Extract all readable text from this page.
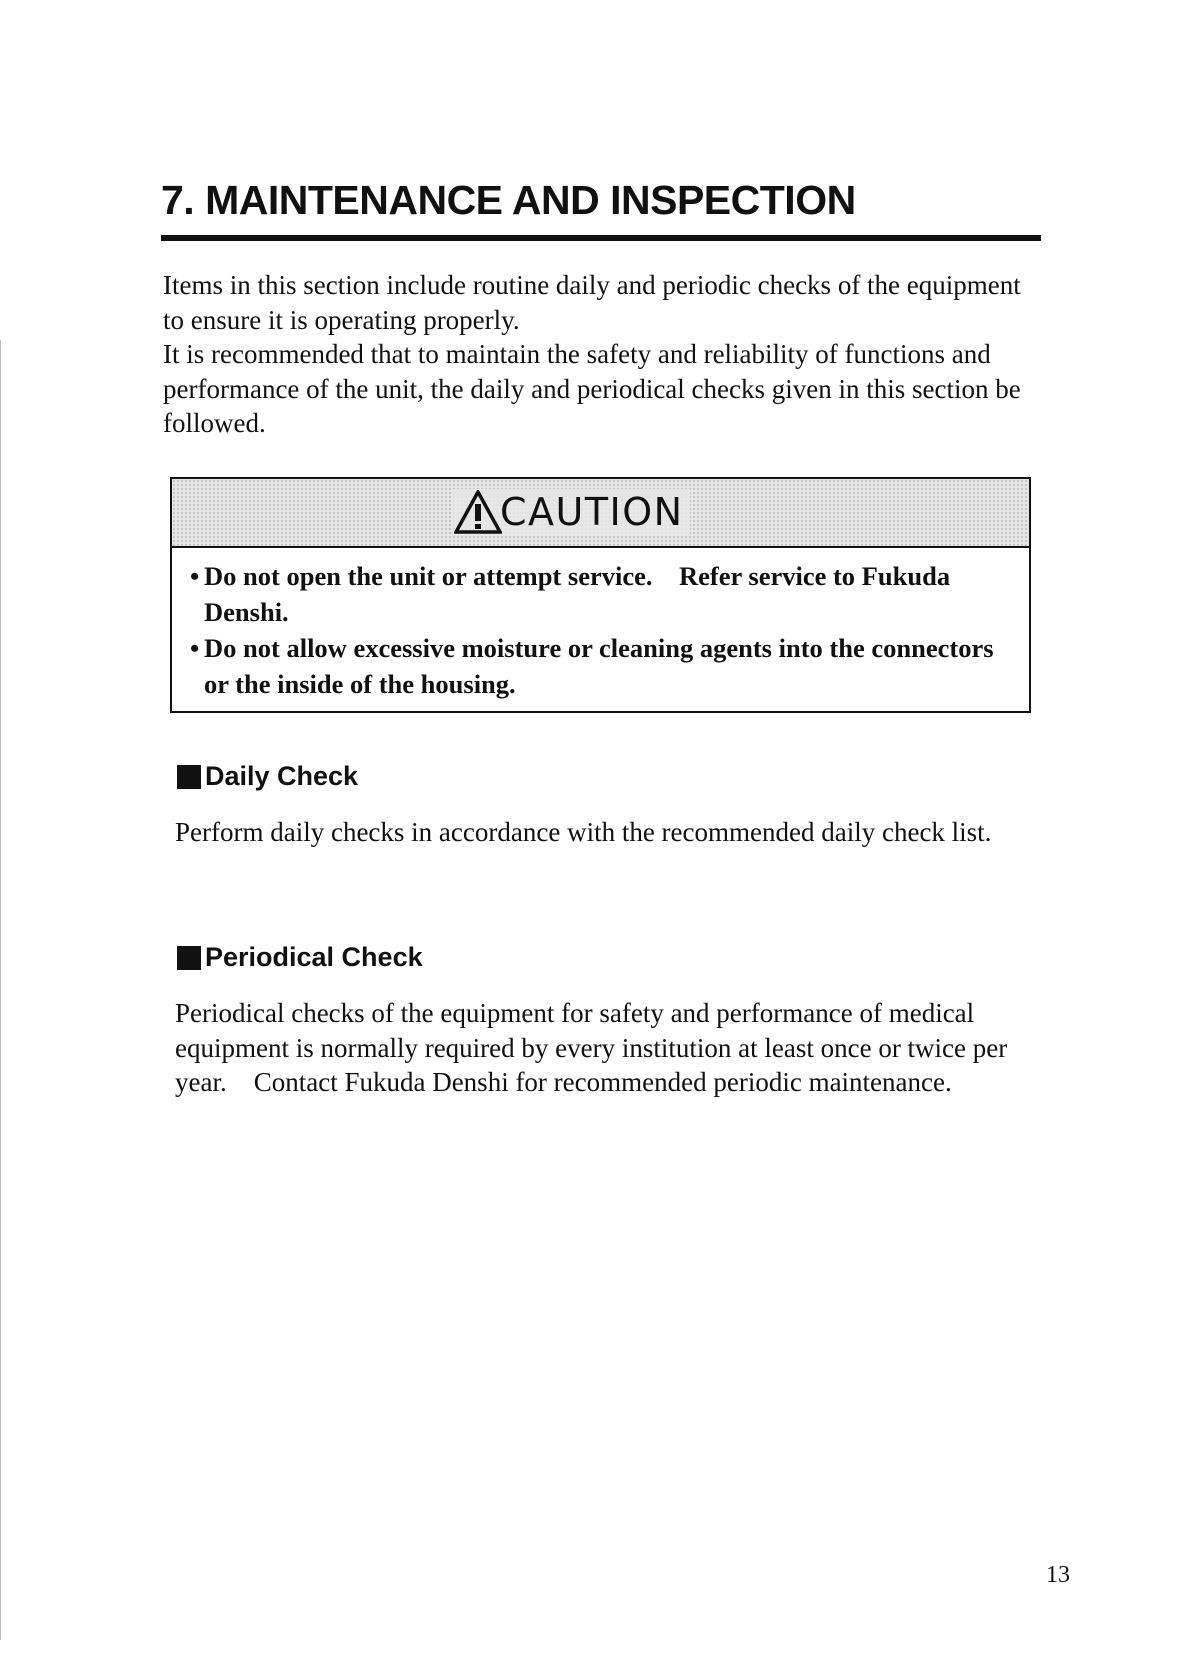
7. MAINTENANCE AND INSPECTION

Items in this section include routine daily and periodic checks of the equipment to ensure it is operating properly.

It is recommended that to maintain the safety and reliability of functions and performance of the unit, the daily and periodical checks given in this section be followed.

CAUTION
• Do not open the unit or attempt service. Refer service to Fukuda Denshi.
• Do not allow excessive moisture or cleaning agents into the connectors or the inside of the housing.
Daily Check

Perform daily checks in accordance with the recommended daily check list.

Periodical Check

Periodical checks of the equipment for safety and performance of medical equipment is normally required by every institution at least once or twice per year. Contact Fukuda Denshi for recommended periodic maintenance.

13
